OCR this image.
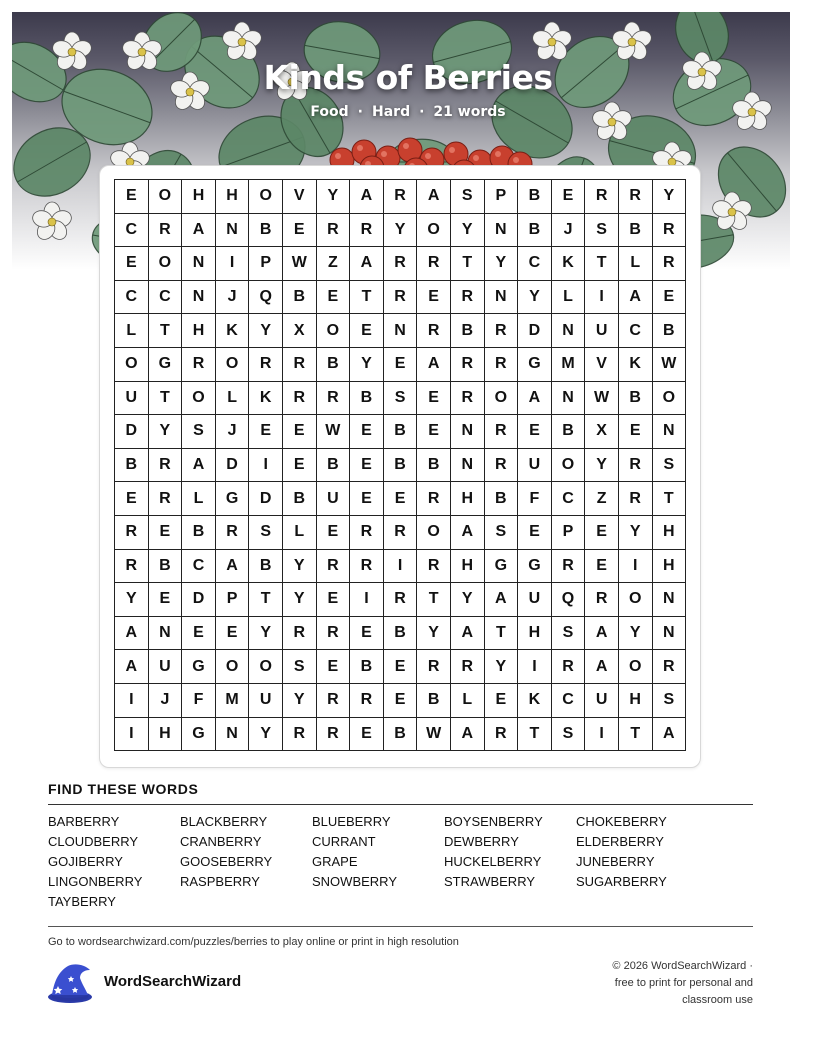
Kinds of Berries
Food · Hard · 21 words
E	O	H	H	O	V	Y	A	R	A	S	P	B	E	R	R	Y
C	R	A	N	B	E	R	R	Y	O	Y	N	B	J	S	B	R
E	O	N	I	P	W	Z	A	R	R	T	Y	C	K	T	L	R
C	C	N	J	Q	B	E	T	R	E	R	N	Y	L	I	A	E
L	T	H	K	Y	X	O	E	N	R	B	R	D	N	U	C	B
O	G	R	O	R	R	B	Y	E	A	R	R	G	M	V	K	W
U	T	O	L	K	R	R	B	S	E	R	O	A	N	W	B	O
D	Y	S	J	E	E	W	E	B	E	N	R	E	B	X	E	N
B	R	A	D	I	E	B	E	B	B	N	R	U	O	Y	R	S
E	R	L	G	D	B	U	E	E	R	H	B	F	C	Z	R	T
R	E	B	R	S	L	E	R	R	O	A	S	E	P	E	Y	H
R	B	C	A	B	Y	R	R	I	R	H	G	G	R	E	I	H
Y	E	D	P	T	Y	E	I	R	T	Y	A	U	Q	R	O	N
A	N	E	E	Y	R	R	E	B	Y	A	T	H	S	A	Y	N
A	U	G	O	O	S	E	B	E	R	R	Y	I	R	A	O	R
I	J	F	M	U	Y	R	R	E	B	L	E	K	C	U	H	S
I	H	G	N	Y	R	R	E	B	W	A	R	T	S	I	T	A
FIND THESE WORDS
BARBERRY	BLACKBERRY	BLUEBERRY	BOYSENBERRY	CHOKEBERRY
CLOUDBERRY	CRANBERRY	CURRANT	DEWBERRY	ELDERBERRY
GOJIBERRY	GOOSEBERRY	GRAPE	HUCKELBERRY	JUNEBERRY
LINGONBERRY	RASPBERRY	SNOWBERRY	STRAWBERRY	SUGARBERRY
TAYBERRY
Go to wordsearchwizard.com/puzzles/berries to play online or print in high resolution
WordSearchWizard
© 2026 WordSearchWizard ·
free to print for personal and
classroom use
